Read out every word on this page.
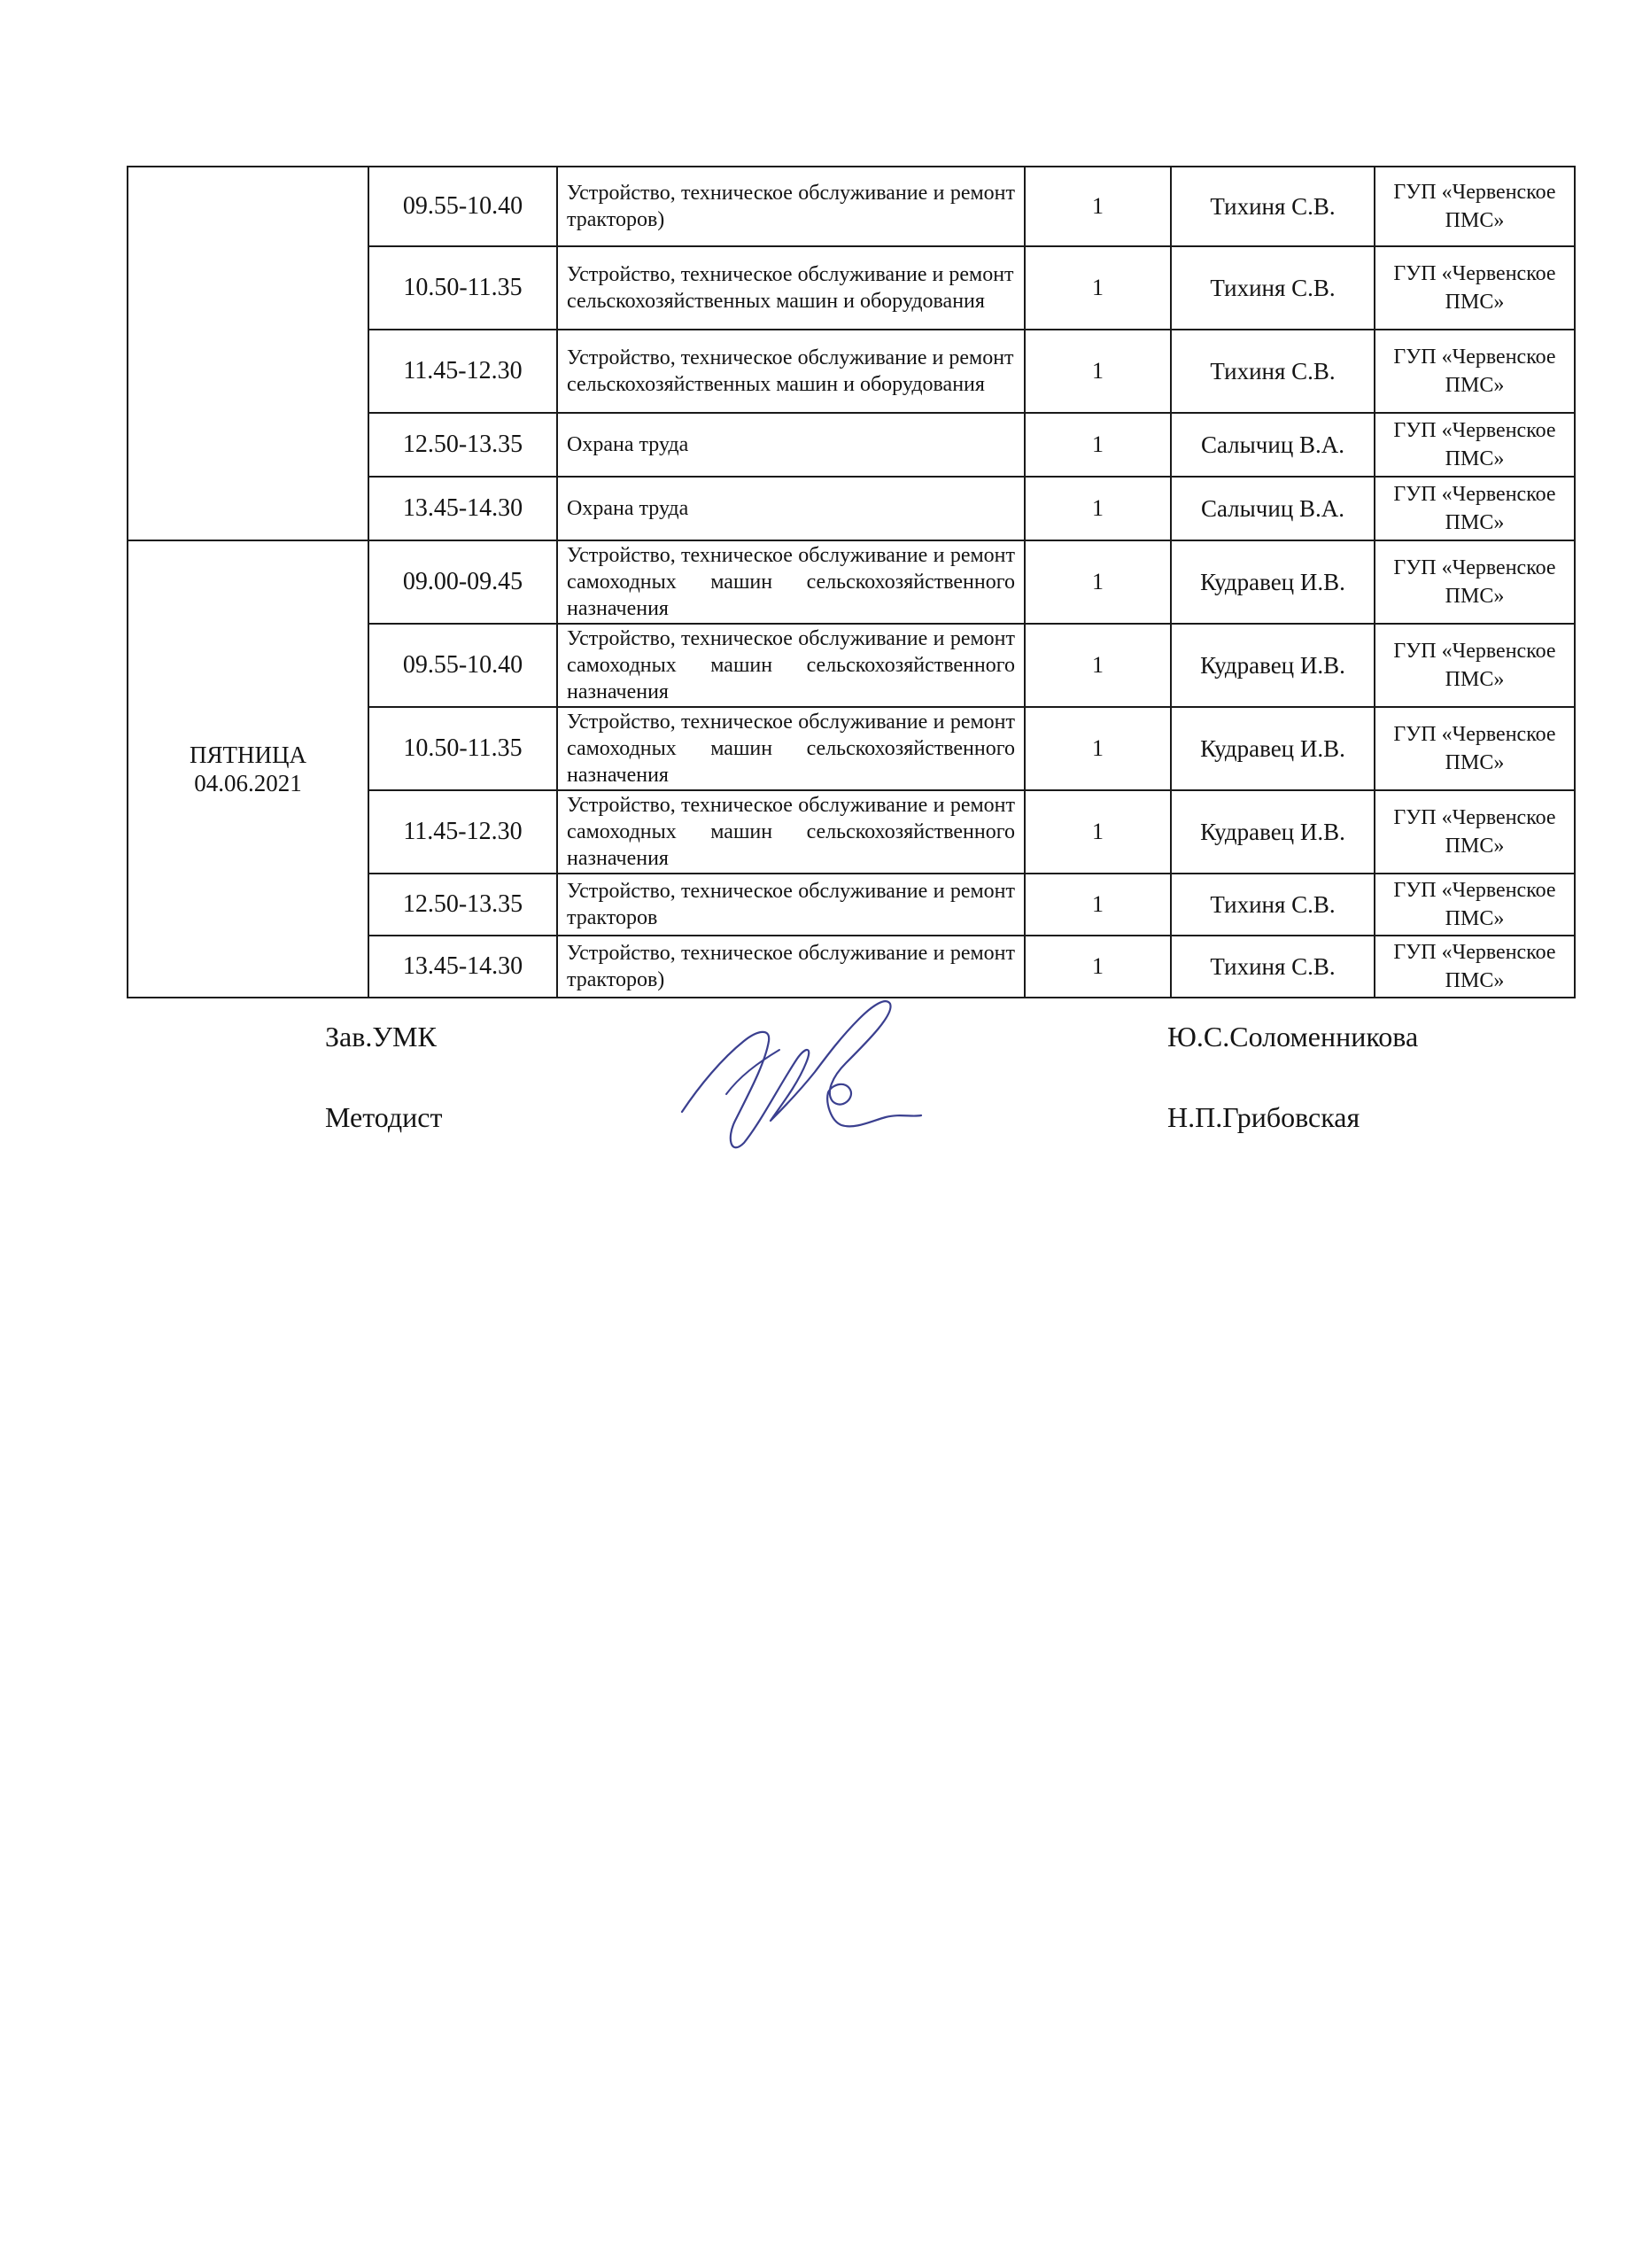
	09.55-10.40	Устройство, техническое обслуживание и ремонт тракторов)	1	Тихиня С.В.	ГУП «Червенское ПМС»
	10.50-11.35	Устройство, техническое обслуживание и ремонт сельскохозяйственных машин и оборудования	1	Тихиня С.В.	ГУП «Червенское ПМС»
	11.45-12.30	Устройство, техническое обслуживание и ремонт сельскохозяйственных машин и оборудования	1	Тихиня С.В.	ГУП «Червенское ПМС»
	12.50-13.35	Охрана труда	1	Салычиц В.А.	ГУП «Червенское ПМС»
	13.45-14.30	Охрана труда	1	Салычиц В.А.	ГУП «Червенское ПМС»

ПЯТНИЦА
04.06.2021	09.00-09.45	Устройство, техническое обслуживание и ремонт самоходных машин сельскохозяйственного назначения	1	Кудравец И.В.	ГУП «Червенское ПМС»
	09.55-10.40	Устройство, техническое обслуживание и ремонт самоходных машин сельскохозяйственного назначения	1	Кудравец И.В.	ГУП «Червенское ПМС»
	10.50-11.35	Устройство, техническое обслуживание и ремонт самоходных машин сельскохозяйственного назначения	1	Кудравец И.В.	ГУП «Червенское ПМС»
	11.45-12.30	Устройство, техническое обслуживание и ремонт самоходных машин сельскохозяйственного назначения	1	Кудравец И.В.	ГУП «Червенское ПМС»
	12.50-13.35	Устройство, техническое обслуживание и ремонт тракторов	1	Тихиня С.В.	ГУП «Червенское ПМС»
	13.45-14.30	Устройство, техническое обслуживание и ремонт тракторов)	1	Тихиня С.В.	ГУП «Червенское ПМС»
Зав.УМК	Ю.С.Соломенникова
Методист	Н.П.Грибовская
